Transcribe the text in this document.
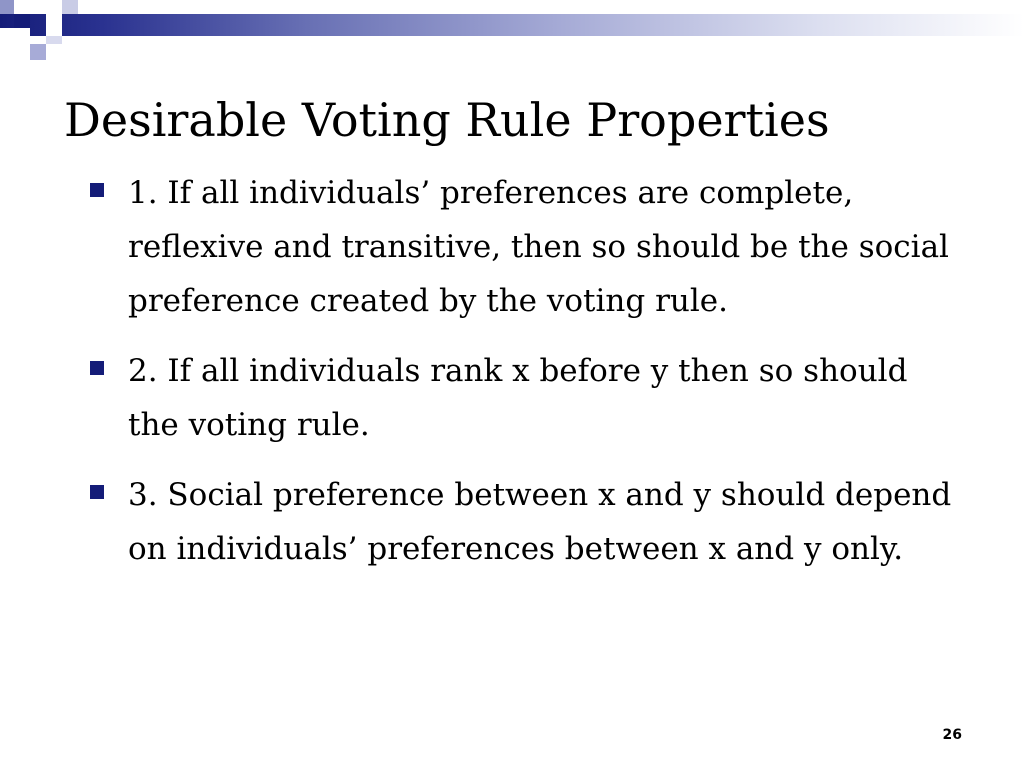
Desirable Voting Rule Properties
1. If all individuals’ preferences are complete, reflexive and transitive, then so should be the social preference created by the voting rule.
2. If all individuals rank x before y then so should the voting rule.
3. Social preference between x and y should depend on individuals’ preferences between x and y only.
26
